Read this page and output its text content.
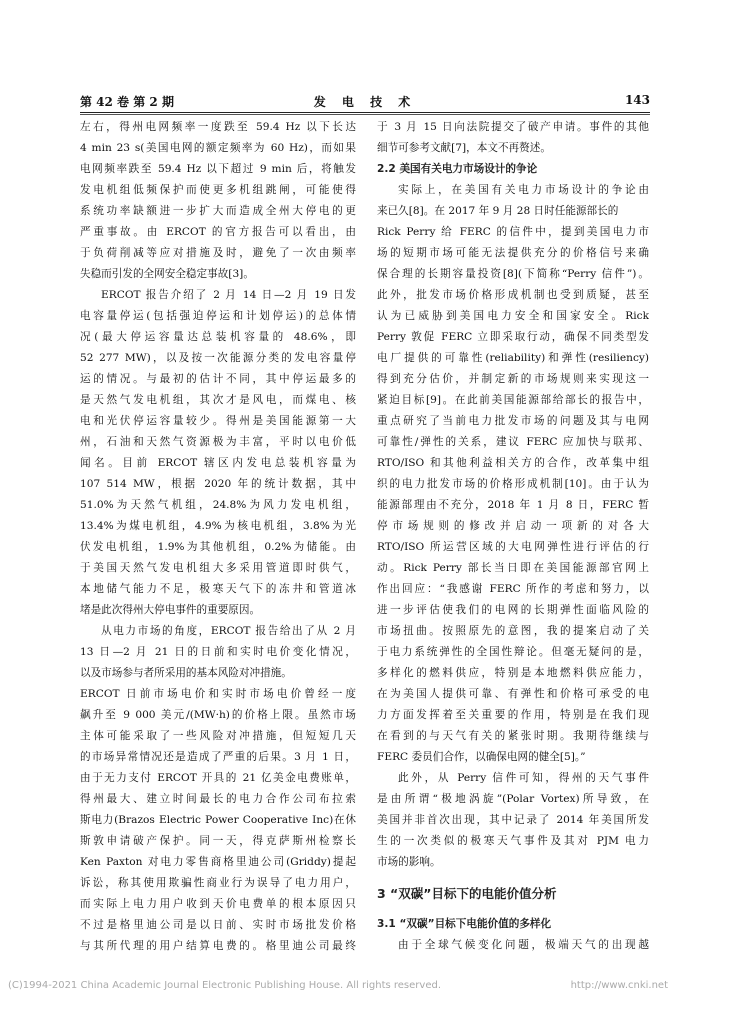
第 42 卷 第 2 期	发 电 技 术	143
左右，得州电网频率一度跌至 59.4 Hz 以下长达
4 min 23 s(美国电网的额定频率为 60 Hz)，而如果
电网频率跌至 59.4 Hz 以下超过 9 min 后，将触发
发电机组低频保护而使更多机组跳闸，可能使得
系统功率缺额进一步扩大而造成全州大停电的更
严重事故。由 ERCOT 的官方报告可以看出，由
于负荷削减等应对措施及时，避免了一次由频率
失稳而引发的全网安全稳定事故[3]。
ERCOT 报告介绍了 2 月 14 日—2 月 19 日发
电容量停运(包括强迫停运和计划停运)的总体情
况(最大停运容量达总装机容量的 48.6%，即
52 277 MW)，以及按一次能源分类的发电容量停
运的情况。与最初的估计不同，其中停运最多的
是天然气发电机组，其次才是风电，而煤电、核
电和光伏停运容量较少。得州是美国能源第一大
州，石油和天然气资源极为丰富，平时以电价低
闻名。目前 ERCOT 辖区内发电总装机容量为
107 514 MW，根据 2020 年的统计数据，其中
51.0%为天然气机组，24.8%为风力发电机组，
13.4%为煤电机组，4.9%为核电机组，3.8%为光
伏发电机组，1.9%为其他机组，0.2%为储能。由
于美国天然气发电机组大多采用管道即时供气，
本地储气能力不足，极寒天气下的冻井和管道冰
堵是此次得州大停电事件的重要原因。
从电力市场的角度，ERCOT 报告给出了从 2 月
13 日—2 月 21 日的日前和实时电价变化情况，
以及市场参与者所采用的基本风险对冲措施。
ERCOT 日前市场电价和实时市场电价曾经一度
飙升至 9 000 美元/(MW·h)的价格上限。虽然市场
主体可能采取了一些风险对冲措施，但短短几天
的市场异常情况还是造成了严重的后果。3 月 1 日，
由于无力支付 ERCOT 开具的 21 亿美金电费账单，
得州最大、建立时间最长的电力合作公司布拉索
斯电力(Brazos Electric Power Cooperative Inc)在休
斯敦申请破产保护。同一天，得克萨斯州检察长
Ken Paxton 对电力零售商格里迪公司(Griddy)提起
诉讼，称其使用欺骗性商业行为误导了电力用户，
而实际上电力用户收到天价电费单的根本原因只
不过是格里迪公司是以日前、实时市场批发价格
与其所代理的用户结算电费的。格里迪公司最终
于 3 月 15 日向法院提交了破产申请。事件的其他
细节可参考文献[7]，本文不再赘述。
2.2 美国有关电力市场设计的争论
实际上，在美国有关电力市场设计的争论由
来已久[8]。在 2017 年 9 月 28 日时任能源部长的
Rick Perry 给 FERC 的信件中，提到美国电力市
场的短期市场可能无法提供充分的价格信号来确
保合理的长期容量投资[8](下简称“Perry 信件”)。
此外，批发市场价格形成机制也受到质疑，甚至
认为已威胁到美国电力安全和国家安全。Rick
Perry 敦促 FERC 立即采取行动，确保不同类型发
电厂提供的可靠性(reliability)和弹性(resiliency)
得到充分估价，并制定新的市场规则来实现这一
紧迫目标[9]。在此前美国能源部给部长的报告中，
重点研究了当前电力批发市场的问题及其与电网
可靠性/弹性的关系，建议 FERC 应加快与联邦、
RTO/ISO 和其他利益相关方的合作，改革集中组
织的电力批发市场的价格形成机制[10]。由于认为
能源部理由不充分，2018 年 1 月 8 日，FERC 暂
停市场规则的修改并启动一项新的对各大
RTO/ISO 所运营区域的大电网弹性进行评估的行
动。Rick Perry 部长当日即在美国能源部官网上
作出回应：“我感谢 FERC 所作的考虑和努力，以
进一步评估使我们的电网的长期弹性面临风险的
市场扭曲。按照原先的意图，我的提案启动了关
于电力系统弹性的全国性辩论。但毫无疑问的是，
多样化的燃料供应，特别是本地燃料供应能力，
在为美国人提供可靠、有弹性和价格可承受的电
力方面发挥着至关重要的作用，特别是在我们现
在看到的与天气有关的紧张时期。我期待继续与
FERC 委员们合作，以确保电网的健全[5]。”
此外，从 Perry 信件可知，得州的天气事件
是由所谓“极地涡旋”(Polar Vortex)所导致，在
美国并非首次出现，其中记录了 2014 年美国所发
生的一次类似的极寒天气事件及其对 PJM 电力
市场的影响。
3 “双碳”目标下的电能价值分析
3.1 “双碳”目标下电能价值的多样化
由于全球气候变化问题，极端天气的出现越
(C)1994-2021 China Academic Journal Electronic Publishing House. All rights reserved.	http://www.cnki.net
